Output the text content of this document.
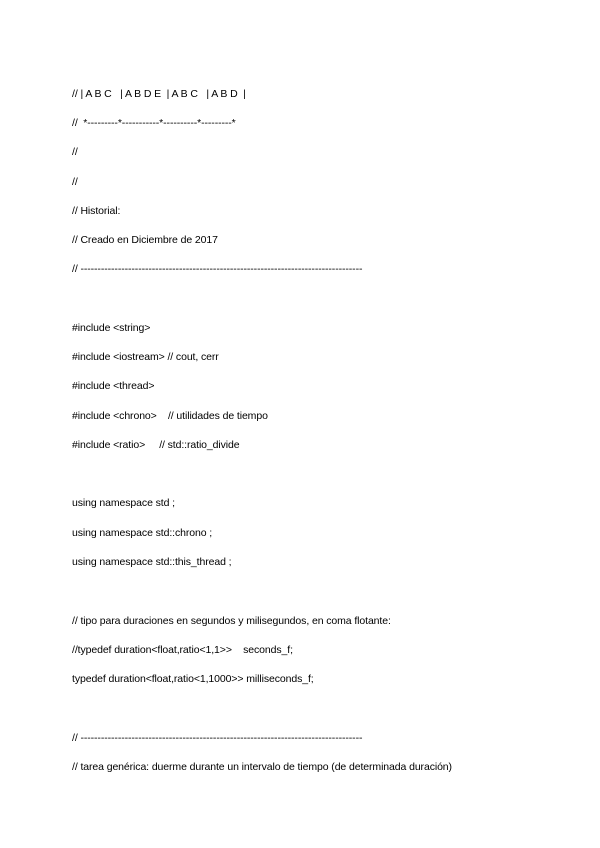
// | A B C   | A B D E  | A B C   | A B D  |
//  *---------*-----------*----------*---------*
//
//
// Historial:
// Creado en Diciembre de 2017
// -----------------------------------------------------------------------------------
#include <string>
#include <iostream> // cout, cerr
#include <thread>
#include <chrono>    // utilidades de tiempo
#include <ratio>     // std::ratio_divide
using namespace std ;
using namespace std::chrono ;
using namespace std::this_thread ;
// tipo para duraciones en segundos y milisegundos, en coma flotante:
//typedef duration<float,ratio<1,1>>    seconds_f;
typedef duration<float,ratio<1,1000>> milliseconds_f;
// -----------------------------------------------------------------------------------
// tarea genérica: duerme durante un intervalo de tiempo (de determinada duración)
